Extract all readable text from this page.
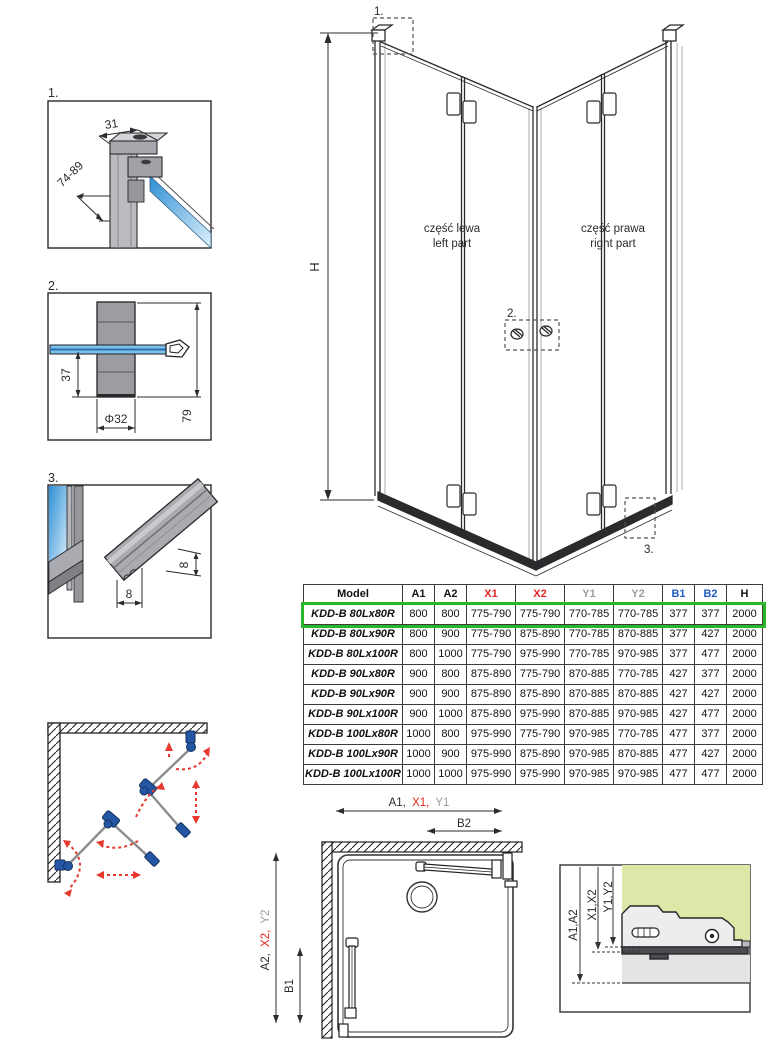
1.
31
74-89
2.
37
Φ32	79
3.
8
8
H
część lewa
left part
część prawa
right part
1.
2.
3.
Model	A1	A2	X1	X2	Y1	Y2	B1	B2	H
KDD-B 80Lx80R	800	800	775-790	775-790	770-785	770-785	377	377	2000
KDD-B 80Lx90R	800	900	775-790	875-890	770-785	870-885	377	427	2000
KDD-B 80Lx100R	800	1000	775-790	975-990	770-785	970-985	377	477	2000
KDD-B 90Lx80R	900	800	875-890	775-790	870-885	770-785	427	377	2000
KDD-B 90Lx90R	900	900	875-890	875-890	870-885	870-885	427	427	2000
KDD-B 90Lx100R	900	1000	875-890	975-990	870-885	970-985	427	477	2000
KDD-B 100Lx80R	1000	800	975-990	775-790	970-985	770-785	477	377	2000
KDD-B 100Lx90R	1000	900	975-990	875-890	970-985	870-885	477	427	2000
KDD-B 100Lx100R	1000	1000	975-990	975-990	970-985	970-985	477	477	2000
A1, X1, Y1
B2
A2, X2, Y2
B1
A1,A2
X1,X2 Y1,Y2
